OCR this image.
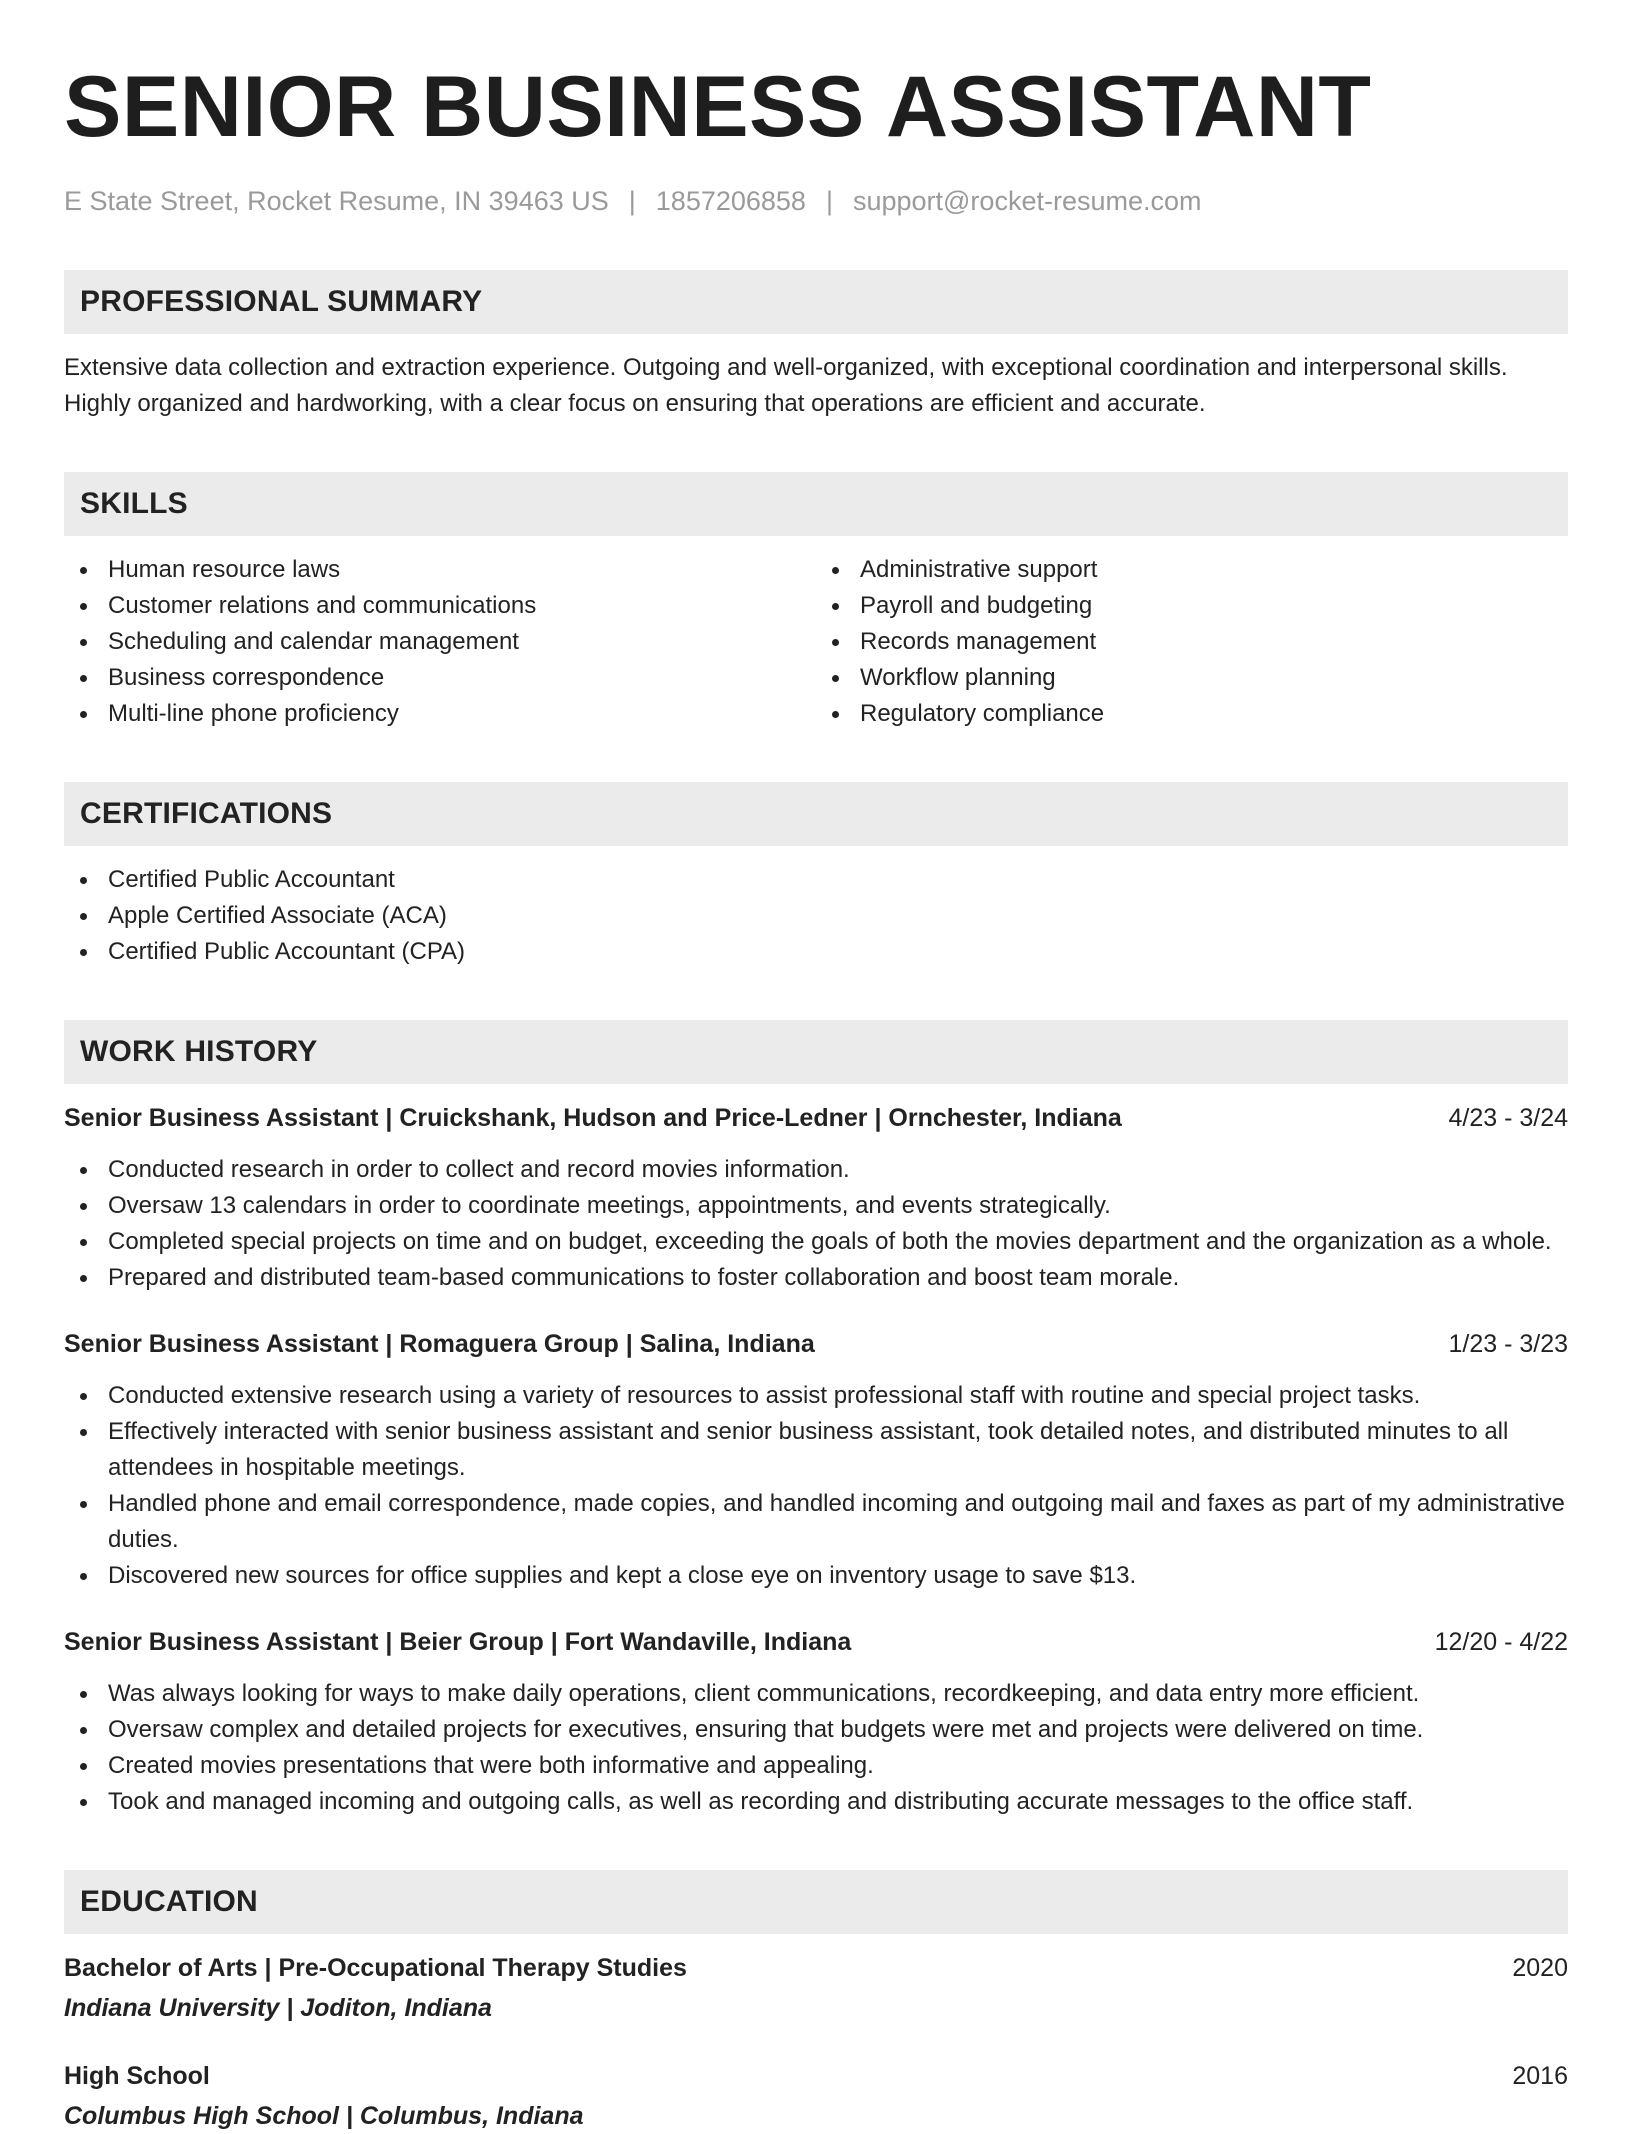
SENIOR BUSINESS ASSISTANT
E State Street, Rocket Resume, IN 39463 US | 1857206858 | support@rocket-resume.com
PROFESSIONAL SUMMARY

Extensive data collection and extraction experience. Outgoing and well-organized, with exceptional coordination and interpersonal skills. Highly organized and hardworking, with a clear focus on ensuring that operations are efficient and accurate.

SKILLS
Human resource laws
Customer relations and communications
Scheduling and calendar management
Business correspondence
Multi-line phone proficiency
Administrative support
Payroll and budgeting
Records management
Workflow planning
Regulatory compliance
CERTIFICATIONS
Certified Public Accountant
Apple Certified Associate (ACA)
Certified Public Accountant (CPA)
WORK HISTORY
Senior Business Assistant | Cruickshank, Hudson and Price-Ledner | Ornchester, Indiana	4/23 - 3/24
Conducted research in order to collect and record movies information.
Oversaw 13 calendars in order to coordinate meetings, appointments, and events strategically.
Completed special projects on time and on budget, exceeding the goals of both the movies department and the organization as a whole.
Prepared and distributed team-based communications to foster collaboration and boost team morale.
Senior Business Assistant | Romaguera Group | Salina, Indiana	1/23 - 3/23
Conducted extensive research using a variety of resources to assist professional staff with routine and special project tasks.
Effectively interacted with senior business assistant and senior business assistant, took detailed notes, and distributed minutes to all attendees in hospitable meetings.
Handled phone and email correspondence, made copies, and handled incoming and outgoing mail and faxes as part of my administrative duties.
Discovered new sources for office supplies and kept a close eye on inventory usage to save $13.
Senior Business Assistant | Beier Group | Fort Wandaville, Indiana	12/20 - 4/22
Was always looking for ways to make daily operations, client communications, recordkeeping, and data entry more efficient.
Oversaw complex and detailed projects for executives, ensuring that budgets were met and projects were delivered on time.
Created movies presentations that were both informative and appealing.
Took and managed incoming and outgoing calls, as well as recording and distributing accurate messages to the office staff.
EDUCATION
Bachelor of Arts | Pre-Occupational Therapy Studies	2020
Indiana University | Joditon, Indiana
High School	2016
Columbus High School | Columbus, Indiana
